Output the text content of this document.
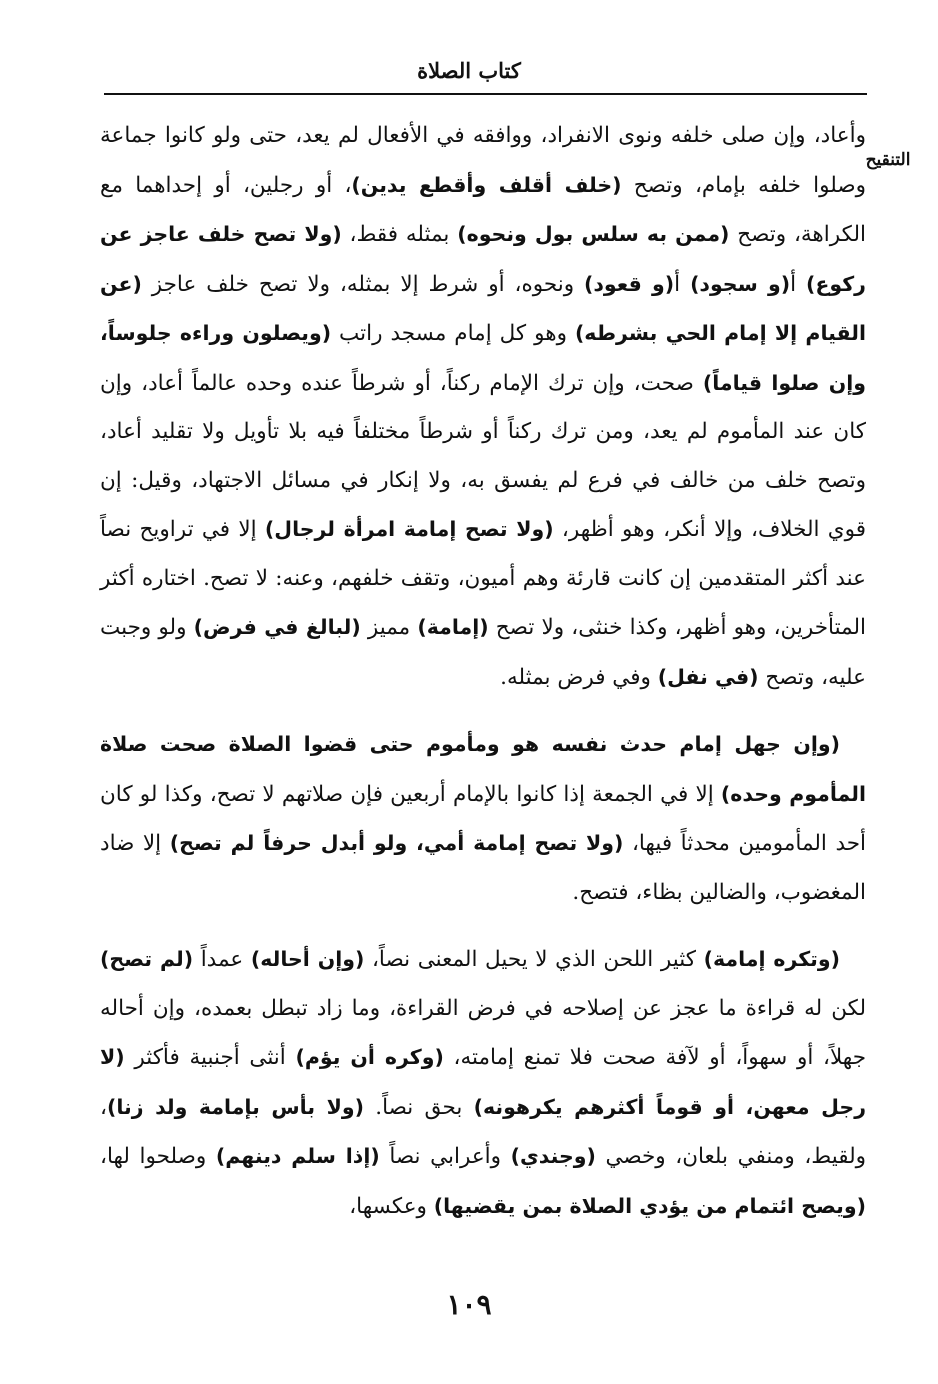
كتاب الصلاة
التنقيح

وأعاد، وإن صلى خلفه ونوى الانفراد، ووافقه في الأفعال لم يعد، حتى ولو كانوا جماعة وصلوا خلفه بإمام، وتصح (خلف أقلف وأقطع يدين)، أو رجلين، أو إحداهما مع الكراهة، وتصح (ممن به سلس بول ونحوه) بمثله فقط، (ولا تصح خلف عاجز عن ركوع) أ(و سجود) أ(و قعود) ونحوه، أو شرط إلا بمثله، ولا تصح خلف عاجز (عن القيام إلا إمام الحي بشرطه) وهو كل إمام مسجد راتب (ويصلون وراءه جلوساً، وإن صلوا قياماً) صحت، وإن ترك الإمام ركناً، أو شرطاً عنده وحده عالماً أعاد، وإن كان عند المأموم لم يعد، ومن ترك ركناً أو شرطاً مختلفاً فيه بلا تأويل ولا تقليد أعاد، وتصح خلف من خالف في فرع لم يفسق به، ولا إنكار في مسائل الاجتهاد، وقيل: إن قوي الخلاف، وإلا أنكر، وهو أظهر، (ولا تصح إمامة امرأة لرجال) إلا في تراويح نصاً عند أكثر المتقدمين إن كانت قارئة وهم أميون، وتقف خلفهم، وعنه: لا تصح. اختاره أكثر المتأخرين، وهو أظهر، وكذا خنثى، ولا تصح (إمامة) مميز (لبالغ في فرض) ولو وجبت عليه، وتصح (في نفل) وفي فرض بمثله.

(وإن جهل إمام حدث نفسه هو ومأموم حتى قضوا الصلاة صحت صلاة المأموم وحده) إلا في الجمعة إذا كانوا بالإمام أربعين فإن صلاتهم لا تصح، وكذا لو كان أحد المأمومين محدثاً فيها، (ولا تصح إمامة أمي، ولو أبدل حرفاً لم تصح) إلا ضاد المغضوب، والضالين بظاء، فتصح.

(وتكره إمامة) كثير اللحن الذي لا يحيل المعنى نصاً، (وإن أحاله) عمداً (لم تصح) لكن له قراءة ما عجز عن إصلاحه في فرض القراءة، وما زاد تبطل بعمده، وإن أحاله جهلاً، أو سهواً، أو لآفة صحت فلا تمنع إمامته، (وكره أن يؤم) أنثى أجنبية فأكثر (لا رجل معهن، أو قوماً أكثرهم يكرهونه) بحق نصاً. (ولا بأس بإمامة ولد زنا)، ولقيط، ومنفي بلعان، وخصي (وجندي) وأعرابي نصاً (إذا سلم دينهم) وصلحوا لها، (ويصح ائتمام من يؤدي الصلاة بمن يقضيها) وعكسها،

١٠٩
